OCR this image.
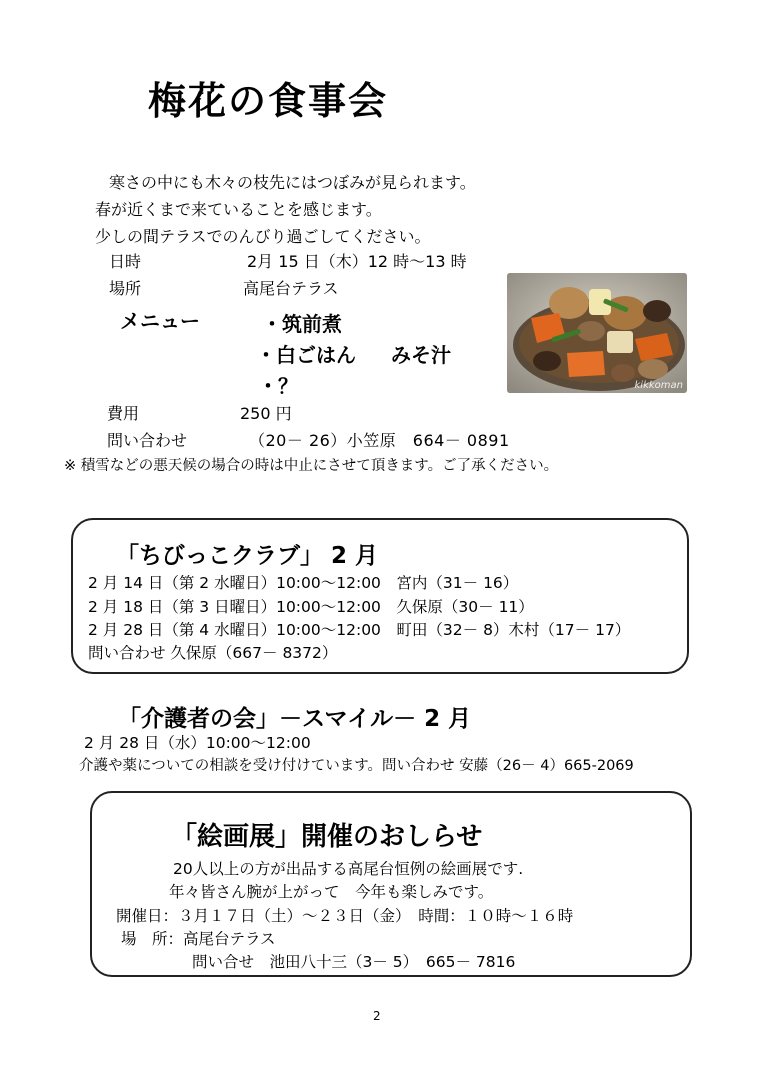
梅花の食事会
寒さの中にも木々の枝先にはつぼみが見られます。
春が近くまで来ていることを感じます。
少しの間テラスでのんびり過ごしてください。
日時	2月 15 日（木）12 時～13 時
場所	高尾台テラス
メニュー	・筑前煮
・白ごはん みそ汁
・？
費用	250 円
問い合わせ	（20－ 26）小笠原　664－ 0891
※ 積雪などの悪天候の場合の時は中止にさせて頂きます。ご了承ください。
kikkoman
「ちびっこクラブ」 2 月
2 月 14 日（第 2 水曜日）10:00～12:00　宮内（31－ 16）
2 月 18 日（第 3 日曜日）10:00～12:00　久保原（30－ 11）
2 月 28 日（第 4 水曜日）10:00～12:00　町田（32－ 8）木村（17－ 17）
問い合わせ 久保原（667－ 8372）
「介護者の会」－スマイル－ 2 月
2 月 28 日（水）10:00～12:00
介護や薬についての相談を受け付けています。問い合わせ 安藤（26－ 4）665-2069
「絵画展」開催のおしらせ
20人以上の方が出品する高尾台恒例の絵画展です.
年々皆さん腕が上がって　今年も楽しみです。
開催日：３月１７日（土）～２３日（金）　時間：１０時～１６時
場　所：高尾台テラス
問い合せ　池田八十三（3－ 5）　665－ 7816
2
